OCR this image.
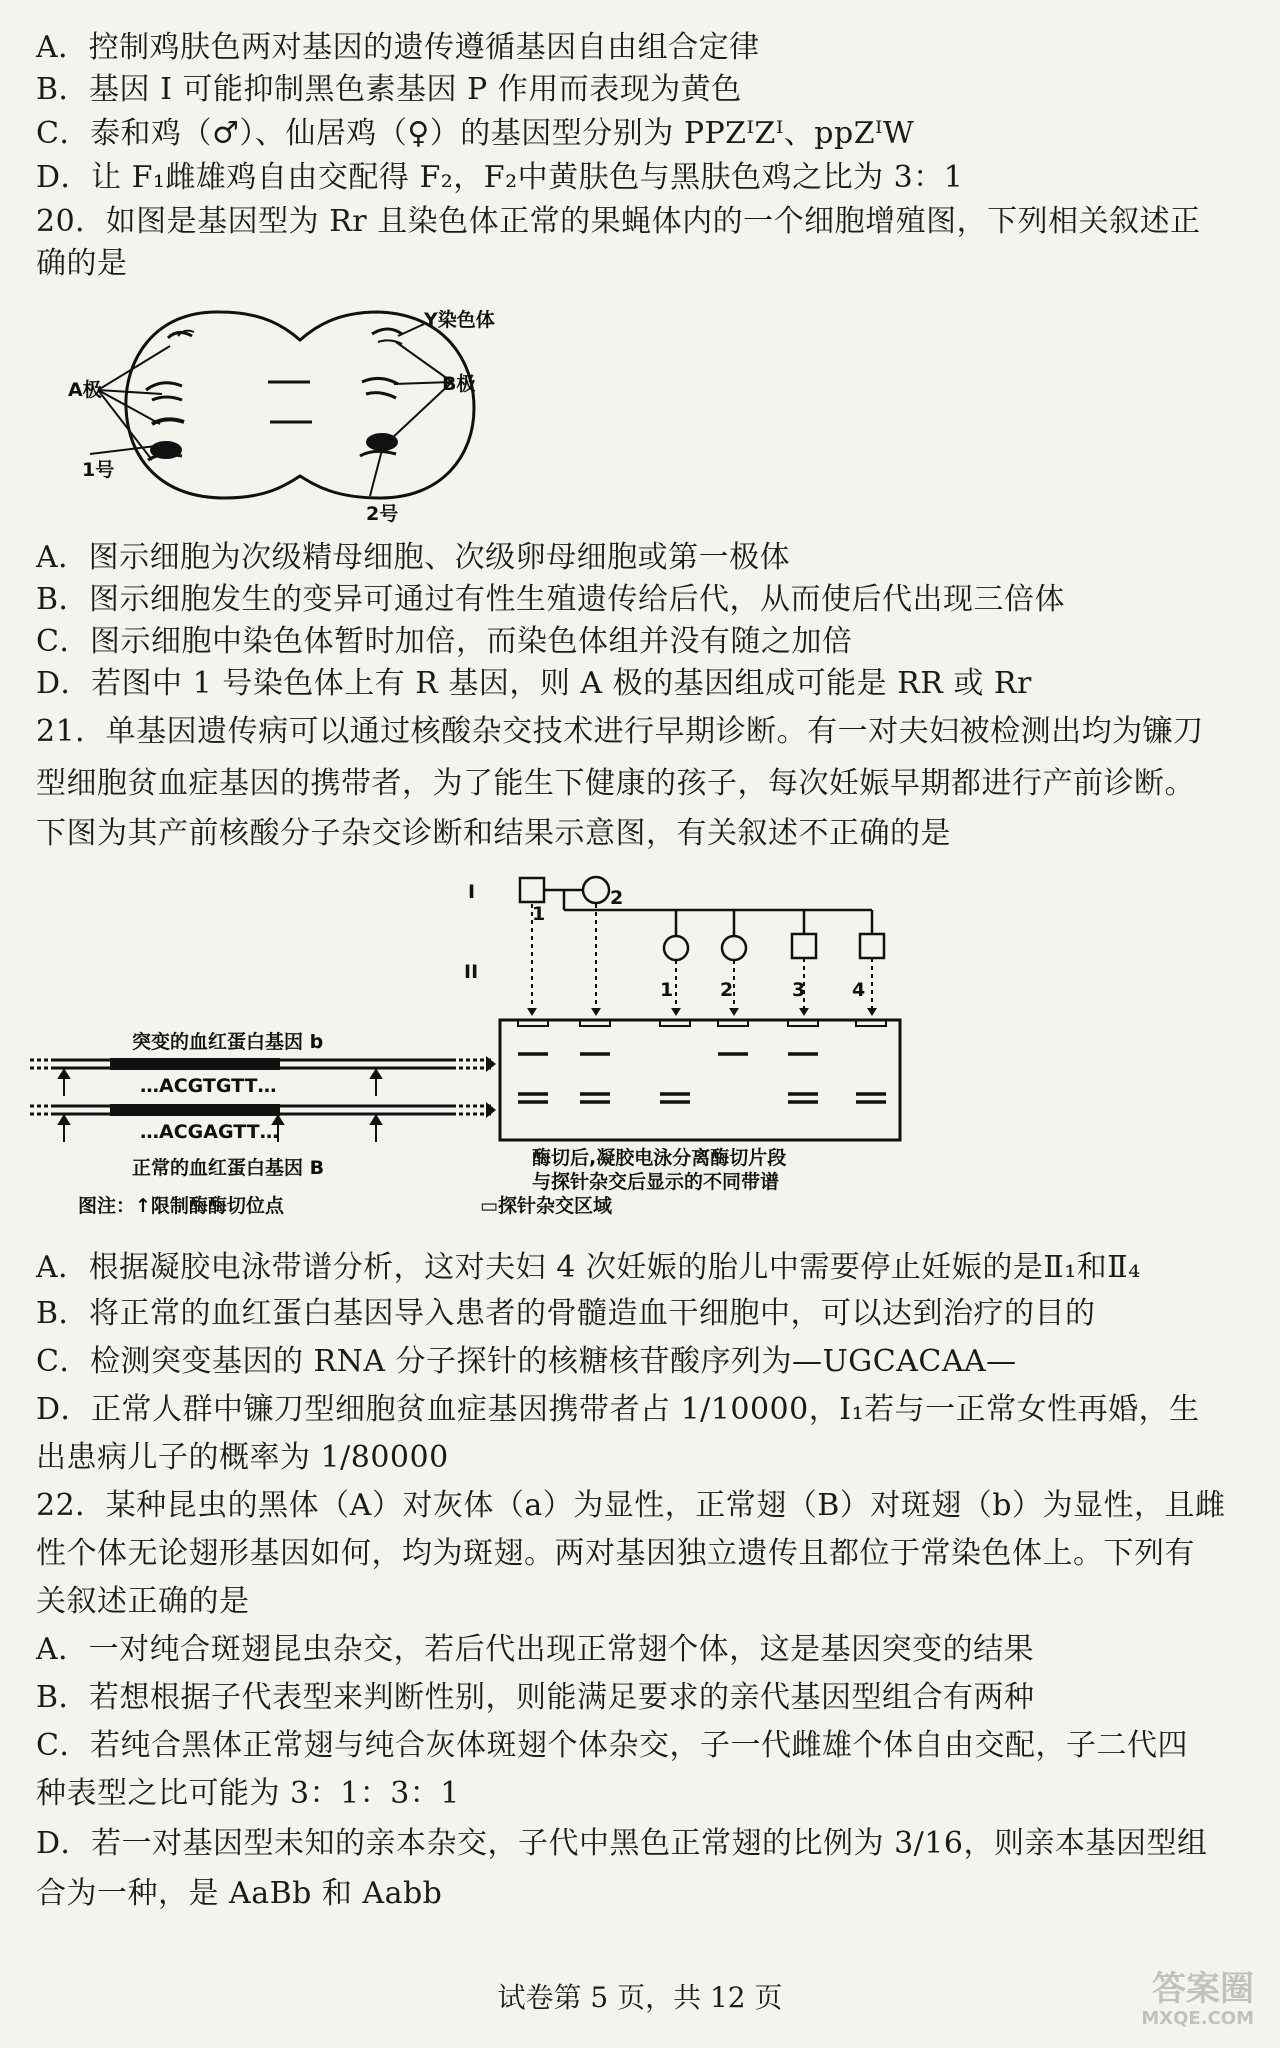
A．控制鸡肤色两对基因的遗传遵循基因自由组合定律
B．基因 I 可能抑制黑色素基因 P 作用而表现为黄色
C．泰和鸡（♂）、仙居鸡（♀）的基因型分别为 PPZᴵZᴵ、ppZᴵW
D．让 F₁雌雄鸡自由交配得 F₂，F₂中黄肤色与黑肤色鸡之比为 3：1
20．如图是基因型为 Rr 且染色体正常的果蝇体内的一个细胞增殖图，下列相关叙述正
确的是
Y染色体
A极	B极
1号
2号
A．图示细胞为次级精母细胞、次级卵母细胞或第一极体
B．图示细胞发生的变异可通过有性生殖遗传给后代，从而使后代出现三倍体
C．图示细胞中染色体暂时加倍，而染色体组并没有随之加倍
D．若图中 1 号染色体上有 R 基因，则 A 极的基因组成可能是 RR 或 Rr
21．单基因遗传病可以通过核酸杂交技术进行早期诊断。有一对夫妇被检测出均为镰刀
型细胞贫血症基因的携带者，为了能生下健康的孩子，每次妊娠早期都进行产前诊断。
下图为其产前核酸分子杂交诊断和结果示意图，有关叙述不正确的是
I
II
1
2
1 2	3 4
突变的血红蛋白基因 b
…ACGTGTT…
…ACGAGTT…
正常的血红蛋白基因 B
图注：↑限制酶酶切位点	▭探针杂交区域
酶切后,凝胶电泳分离酶切片段
与探针杂交后显示的不同带谱
A．根据凝胶电泳带谱分析，这对夫妇 4 次妊娠的胎儿中需要停止妊娠的是Ⅱ₁和Ⅱ₄
B．将正常的血红蛋白基因导入患者的骨髓造血干细胞中，可以达到治疗的目的
C．检测突变基因的 RNA 分子探针的核糖核苷酸序列为—UGCACAA—
D．正常人群中镰刀型细胞贫血症基因携带者占 1/10000，Ⅰ₁若与一正常女性再婚，生
出患病儿子的概率为 1/80000
22．某种昆虫的黑体（A）对灰体（a）为显性，正常翅（B）对斑翅（b）为显性，且雌
性个体无论翅形基因如何，均为斑翅。两对基因独立遗传且都位于常染色体上。下列有
关叙述正确的是
A．一对纯合斑翅昆虫杂交，若后代出现正常翅个体，这是基因突变的结果
B．若想根据子代表型来判断性别，则能满足要求的亲代基因型组合有两种
C．若纯合黑体正常翅与纯合灰体斑翅个体杂交，子一代雌雄个体自由交配，子二代四
种表型之比可能为 3：1：3：1
D．若一对基因型未知的亲本杂交，子代中黑色正常翅的比例为 3/16，则亲本基因型组
合为一种，是 AaBb 和 Aabb
试卷第 5 页，共 12 页	答案圈
MXQE.COM
